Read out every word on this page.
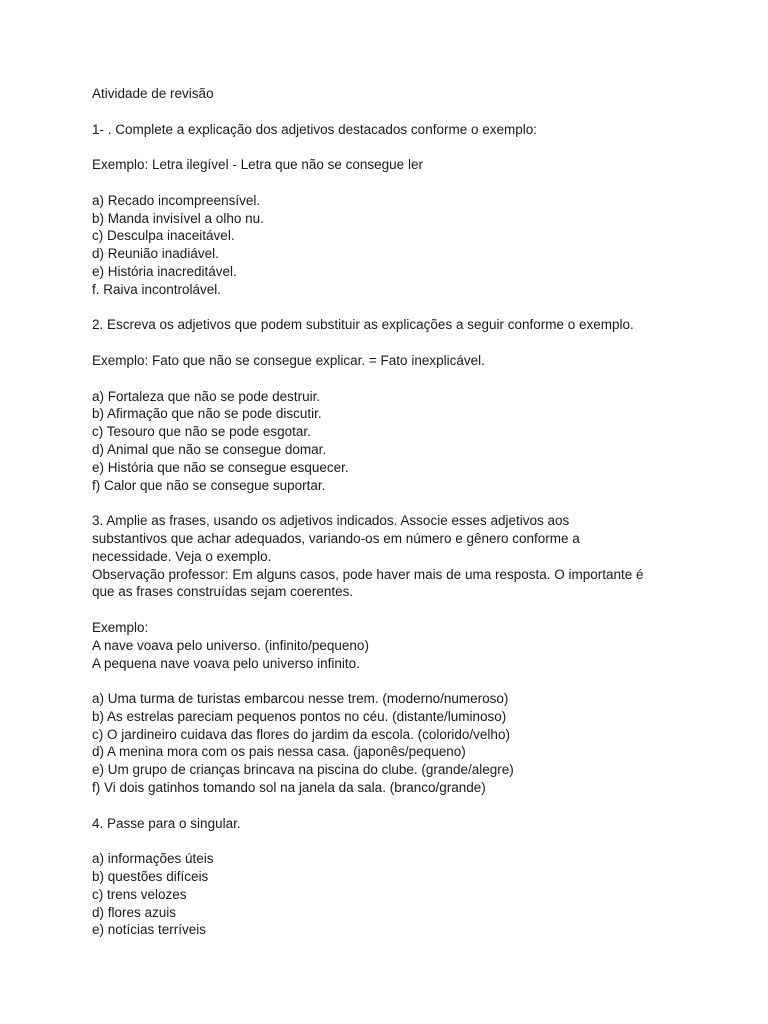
Atividade de revisão
1- . Complete a explicação dos adjetivos destacados conforme o exemplo:
Exemplo: Letra ilegível - Letra que não se consegue ler
a) Recado incompreensível.
b) Manda invisível a olho nu.
c) Desculpa inaceitável.
d) Reunião inadiável.
e) História inacreditável.
f. Raiva incontrolável.
2. Escreva os adjetivos que podem substituir as explicações a seguir conforme o exemplo.
Exemplo: Fato que não se consegue explicar. = Fato inexplicável.
a) Fortaleza que não se pode destruir.
b) Afirmação que não se pode discutir.
c) Tesouro que não se pode esgotar.
d) Animal que não se consegue domar.
e) História que não se consegue esquecer.
f) Calor que não se consegue suportar.
3. Amplie as frases, usando os adjetivos indicados. Associe esses adjetivos aos
substantivos que achar adequados, variando-os em número e gênero conforme a
necessidade. Veja o exemplo.
Observação professor: Em alguns casos, pode haver mais de uma resposta. O importante é
que as frases construídas sejam coerentes.
Exemplo:
A nave voava pelo universo. (infinito/pequeno)
A pequena nave voava pelo universo infinito.
a) Uma turma de turistas embarcou nesse trem. (moderno/numeroso)
b) As estrelas pareciam pequenos pontos no céu. (distante/luminoso)
c) O jardineiro cuidava das flores do jardim da escola. (colorido/velho)
d) A menina mora com os pais nessa casa. (japonês/pequeno)
e) Um grupo de crianças brincava na piscina do clube. (grande/alegre)
f) Vi dois gatinhos tomando sol na janela da sala. (branco/grande)
4. Passe para o singular.
a) informações úteis
b) questões difíceis
c) trens velozes
d) flores azuis
e) notícias terríveis
